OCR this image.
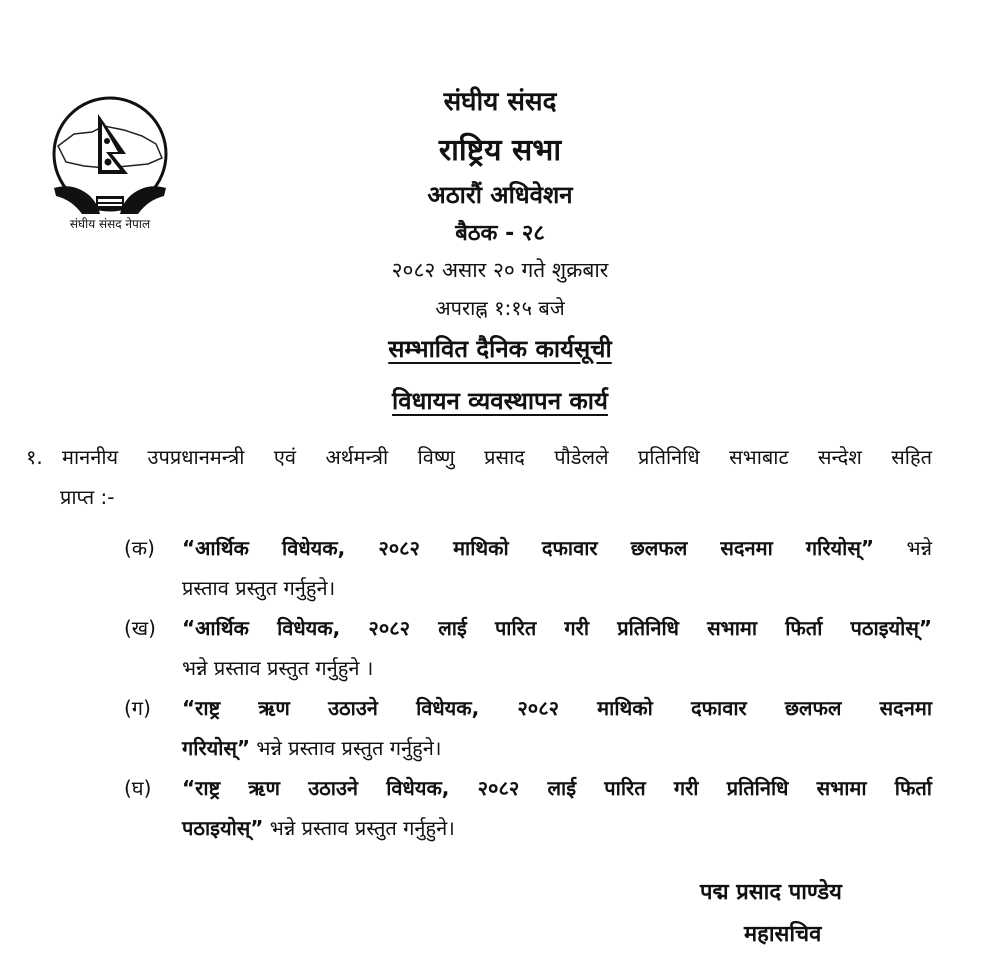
संघीय संसद नेपाल

संघीय संसद

राष्ट्रिय सभा

अठारौं अधिवेशन

बैठक - २८

२०८२ असार २० गते शुक्रबार

अपराह्न १:१५ बजे

सम्भावित दैनिक कार्यसूची

विधायन व्यवस्थापन कार्य

१. माननीय उपप्रधानमन्त्री एवं अर्थमन्त्री विष्णु प्रसाद पौडेलले प्रतिनिधि सभाबाट सन्देश सहित
प्राप्त :-
(क)	“आर्थिक विधेयक, २०८२ माथिको दफावार छलफल सदनमा गरियोस्” भन्ने
प्रस्ताव प्रस्तुत गर्नुहुने।
(ख)	“आर्थिक विधेयक, २०८२ लाई पारित गरी प्रतिनिधि सभामा फिर्ता पठाइयोस्”
भन्ने प्रस्ताव प्रस्तुत गर्नुहुने ।
(ग)	“राष्ट्र ऋण उठाउने विधेयक, २०८२ माथिको दफावार छलफल सदनमा
गरियोस्” भन्ने प्रस्ताव प्रस्तुत गर्नुहुने।
(घ)	“राष्ट्र ऋण उठाउने विधेयक, २०८२ लाई पारित गरी प्रतिनिधि सभामा फिर्ता
पठाइयोस्” भन्ने प्रस्ताव प्रस्तुत गर्नुहुने।
पद्म प्रसाद पाण्डेय
महासचिव
